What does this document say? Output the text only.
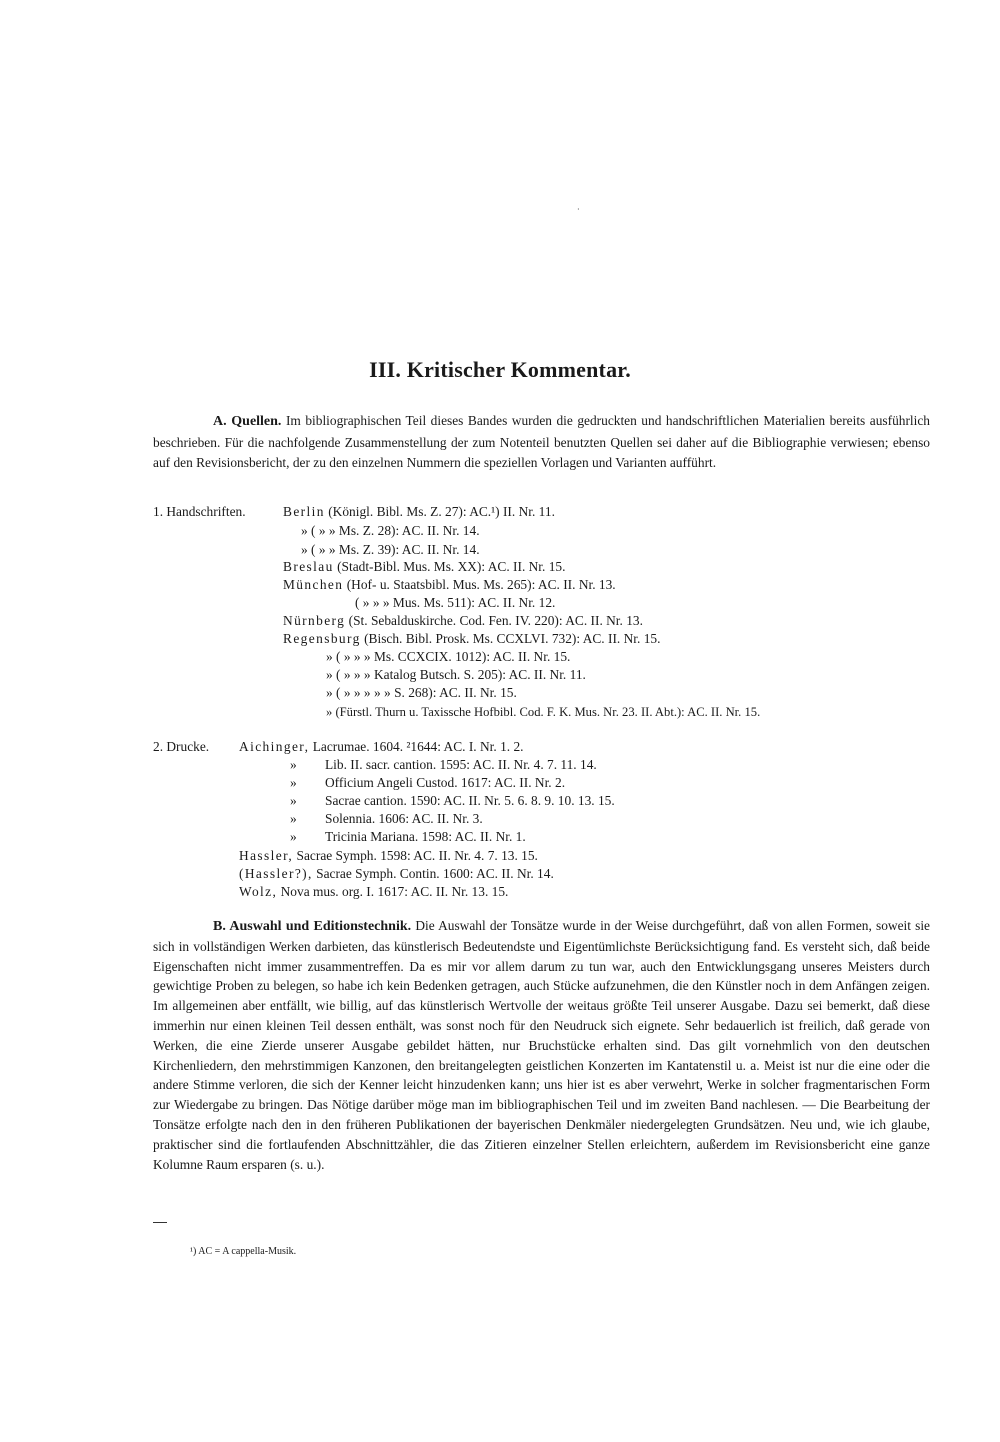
·
III. Kritischer Kommentar.

A. Quellen. Im bibliographischen Teil dieses Bandes wurden die gedruckten und handschriftlichen Materialien bereits ausführlich beschrieben. Für die nachfolgende Zusammenstellung der zum Notenteil benutzten Quellen sei daher auf die Bibliographie verwiesen; ebenso auf den Revisionsbericht, der zu den einzelnen Nummern die speziellen Vorlagen und Varianten aufführt.

1. Handschriften.	Berlin (Königl. Bibl. Ms. Z. 27): AC.¹) II. Nr. 11.
» ( » » Ms. Z. 28): AC. II. Nr. 14.
» ( » » Ms. Z. 39): AC. II. Nr. 14.
Breslau (Stadt-Bibl. Mus. Ms. XX): AC. II. Nr. 15.
München (Hof- u. Staatsbibl. Mus. Ms. 265): AC. II. Nr. 13.
( » » » Mus. Ms. 511): AC. II. Nr. 12.
Nürnberg (St. Sebalduskirche. Cod. Fen. IV. 220): AC. II. Nr. 13.
Regensburg (Bisch. Bibl. Prosk. Ms. CCXLVI. 732): AC. II. Nr. 15.
» ( » » » Ms. CCXCIX. 1012): AC. II. Nr. 15.
» ( » » » Katalog Butsch. S. 205): AC. II. Nr. 11.
» ( » » » » » S. 268): AC. II. Nr. 15.
» (Fürstl. Thurn u. Taxissche Hofbibl. Cod. F. K. Mus. Nr. 23. II. Abt.): AC. II. Nr. 15.
2. Drucke. Aichinger, Lacrumae. 1604. ²1644: AC. I. Nr. 1. 2.
» Lib. II. sacr. cantion. 1595: AC. II. Nr. 4. 7. 11. 14.
» Officium Angeli Custod. 1617: AC. II. Nr. 2.
» Sacrae cantion. 1590: AC. II. Nr. 5. 6. 8. 9. 10. 13. 15.
» Solennia. 1606: AC. II. Nr. 3.
» Tricinia Mariana. 1598: AC. II. Nr. 1.
Hassler, Sacrae Symph. 1598: AC. II. Nr. 4. 7. 13. 15.
(Hassler?), Sacrae Symph. Contin. 1600: AC. II. Nr. 14.
Wolz, Nova mus. org. I. 1617: AC. II. Nr. 13. 15.

B. Auswahl und Editionstechnik. Die Auswahl der Tonsätze wurde in der Weise durchgeführt, daß von allen Formen, soweit sie sich in vollständigen Werken darbieten, das künstlerisch Bedeutendste und Eigentümlichste Berücksichtigung fand. Es versteht sich, daß beide Eigenschaften nicht immer zusammentreffen. Da es mir vor allem darum zu tun war, auch den Entwicklungsgang unseres Meisters durch gewichtige Proben zu belegen, so habe ich kein Bedenken getragen, auch Stücke aufzunehmen, die den Künstler noch in dem Anfängen zeigen. Im allgemeinen aber entfällt, wie billig, auf das künstlerisch Wertvolle der weitaus größte Teil unserer Ausgabe. Dazu sei bemerkt, daß diese immerhin nur einen kleinen Teil dessen enthält, was sonst noch für den Neudruck sich eignete. Sehr bedauerlich ist freilich, daß gerade von Werken, die eine Zierde unserer Ausgabe gebildet hätten, nur Bruchstücke erhalten sind. Das gilt vornehmlich von den deutschen Kirchenliedern, den mehrstimmigen Kanzonen, den breitangelegten geistlichen Konzerten im Kantatenstil u. a. Meist ist nur die eine oder die andere Stimme verloren, die sich der Kenner leicht hinzudenken kann; uns hier ist es aber verwehrt, Werke in solcher fragmentarischen Form zur Wiedergabe zu bringen. Das Nötige darüber möge man im bibliographischen Teil und im zweiten Band nachlesen. — Die Bearbeitung der Tonsätze erfolgte nach den in den früheren Publikationen der bayerischen Denkmäler niedergelegten Grundsätzen. Neu und, wie ich glaube, praktischer sind die fortlaufenden Abschnittzähler, die das Zitieren einzelner Stellen erleichtern, außerdem im Revisionsbericht eine ganze Kolumne Raum ersparen (s. u.).

¹) AC = A cappella-Musik.
